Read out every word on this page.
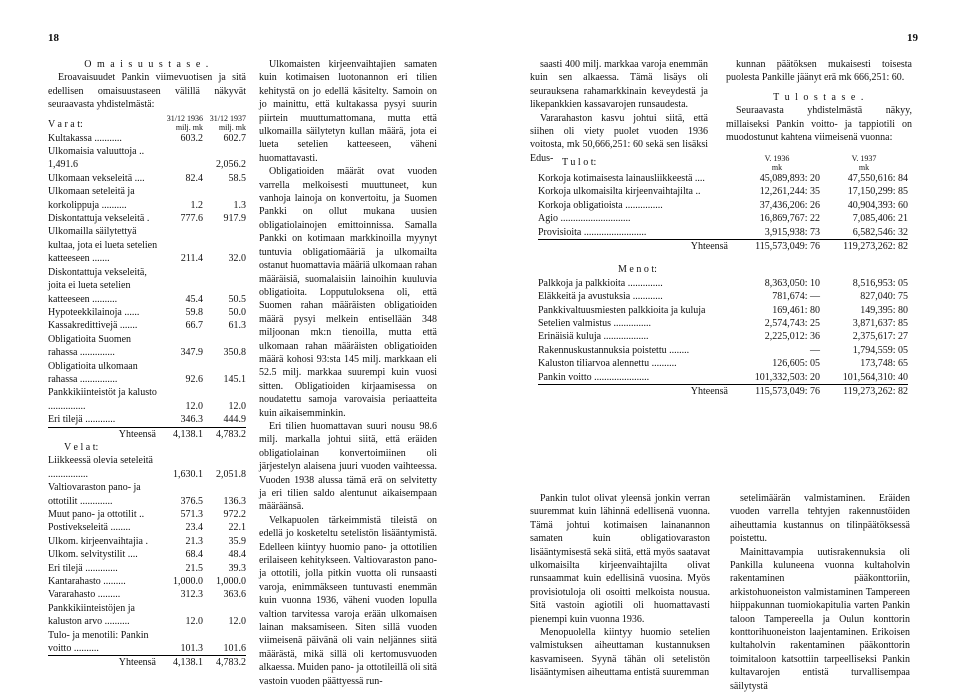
18
O m a i s u u s t a s e .

Eroavaisuudet Pankin viimevuotisen ja sitä edellisen omaisuustaseen välillä näkyvät seuraavasta yhdistelmästä:

V a r a t:	31/12 1936
milj. mk	31/12 1937
milj. mk

Kultakassa ...........	603.2	602.7
Ulkomaisia valuuttoja .. 1,491.6		2,056.2
Ulkomaan vekseleitä ....	82.4	58.5
Ulkomaan seteleitä ja korkolippuja ..........	1.2	1.3
Diskontattuja vekseleitä .	777.6	917.9
Ulkomailla säilytettyä kultaa, jota ei lueta setelien katteeseen .......	211.4	32.0
Diskontattuja vekseleitä, joita ei lueta setelien katteeseen ..........	45.4	50.5
Hypoteekkilainoja ......	59.8	50.0
Kassakredittivejä .......	66.7	61.3
Obligatioita Suomen rahassa ..............	347.9	350.8
Obligatioita ulkomaan rahassa ...............	92.6	145.1
Pankkikiinteistöt ja kalusto ...............	12.0	12.0
Eri tilejä ............	346.3	444.9
Yhteensä	4,138.1	4,783.2
V e l a t:		
Liikkeessä olevia seteleitä ................	1,630.1	2,051.8
Valtiovaraston pano- ja ottotilit .............	376.5	136.3
Muut pano- ja ottotilit ..	571.3	972.2
Postivekseleitä ........	23.4	22.1
Ulkom. kirjeenvaihtajia .	21.3	35.9
Ulkom. selvitystilit ....	68.4	48.4
Eri tilejä .............	21.5	39.3
Kantarahasto .........	1,000.0	1,000.0
Vararahasto .........	312.3	363.6
Pankkikiinteistöjen ja kaluston arvo ..........	12.0	12.0
Tulo- ja menotili: Pankin voitto ..........	101.3	101.6
Yhteensä	4,138.1	4,783.2

Ulkomaisten kirjeenvaihtajien samaten kuin kotimaisen luotonannon eri tilien kehitystä on jo edellä käsitelty. Samoin on jo mainittu, että kultakassa pysyi suurin piirtein muuttumattomana, mutta että ulkomailla säilytetyn kullan määrä, jota ei lueta setelien katteeseen, väheni huomattavasti.

Obligatioiden määrät ovat vuoden varrella melkoisesti muuttuneet, kun vanhoja lainoja on konvertoitu, ja Suomen Pankki on ollut mukana uusien obligatiolainojen emittoinnissa. Samalla Pankki on kotimaan markkinoilla myynyt tuntuvia obligatiomääriä ja ulkomailta ostanut huomattavia määriä ulkomaan rahan määräisiä, suomalaisiin lainoihin kuuluvia obligatioita. Lopputuloksena oli, että Suomen rahan määräisten obligatioiden määrä pysyi melkein entisellään 348 miljoonan mk:n tienoilla, mutta että ulkomaan rahan määräisten obligatioiden määrä kohosi 93:sta 145 milj. markkaan eli 52.5 milj. markkaa suurempi kuin vuosi sitten. Obligatioiden kirjaamisessa on noudatettu samoja varovaisia periaatteita kuin aikaisemminkin.

Eri tilien huomattavan suuri nousu 98.6 milj. markalla johtui siitä, että eräiden obligatiolainan konvertoimiinen oli järjestelyn alaisena juuri vuoden vaihteessa. Vuoden 1938 alussa tämä erä on selvitetty ja eri tilien saldo alentunut aikaisempaan määräänsä.

Velkapuolen tärkeimmistä tileistä on edellä jo kosketeltu setelistön lisääntymistä. Edelleen kiintyy huomio pano- ja ottotilien erilaiseen kehitykseen. Valtiovaraston pano- ja ottotili, jolla pitkin vuotta oli runsaasti varoja, enimmäkseen tuntuvasti enemmän kuin vuonna 1936, väheni vuoden lopulla valtion tarvitessa varoja erään ulkomaisen lainan maksamiseen. Siten sillä vuoden viimeisenä päivänä oli vain neljännes siitä määrästä, mikä sillä oli kertomusvuoden alkaessa. Muiden pano- ja ottotileillä oli sitä vastoin vuoden päättyessä run-

19

saasti 400 milj. markkaa varoja enemmän kuin sen alkaessa. Tämä lisäys oli seurauksena rahamarkkinain keveydestä ja likepankkien kassavarojen runsaudesta.

Vararahaston kasvu johtui siitä, että siihen oli viety puolet vuoden 1936 voitosta, mk 50,666,251: 60 sekä sen lisäksi Edus-

kunnan päätöksen mukaisesti toisesta puolesta Pankille jäänyt erä mk 666,251: 60.

T u l o s t a s e .

Seuraavasta yhdistelmästä näkyy, millaiseksi Pankin voitto- ja tappiotili on muodostunut kahtena viimeisenä vuonna:

T u l o t:	V. 1936	V. 1937
	mk	mk
Korkoja kotimaisesta lainausliikkeestä ....	45,089,893: 20	47,550,616: 84
Korkoja ulkomaisilta kirjeenvaihtajilta ..	12,261,244: 35	17,150,299: 85
Korkoja obligatioista ...............	37,436,206: 26	40,904,393: 60
Agio ............................	16,869,767: 22	7,085,406: 21
Provisioita .........................	3,915,938: 73	6,582,546: 32
Yhteensä	115,573,049: 76	119,273,262: 82
M e n o t:		
Palkkoja ja palkkioita ..............	8,363,050: 10	8,516,953: 05
Eläkkeitä ja avustuksia ............	781,674: —	827,040: 75
Pankkivaltuusmiesten palkkioita ja kuluja	169,461: 80	149,395: 80
Setelien valmistus ...............	2,574,743: 25	3,871,637: 85
Erinäisiä kuluja ..................	2,225,012: 36	2,375,617: 27
Rakennuskustannuksia poistettu ........	—	1,794,559: 05
Kaluston tiliarvoa alennettu ..........	126,605: 05	173,748: 65
Pankin voitto ......................	101,332,503: 20	101,564,310: 40
Yhteensä	115,573,049: 76	119,273,262: 82

Pankin tulot olivat yleensä jonkin verran suuremmat kuin lähinnä edellisenä vuonna. Tämä johtui kotimaisen lainanannon samaten kuin obligatiovaraston lisääntymisestä sekä siitä, että myös saatavat ulkomaisilta kirjeenvaihtajilta olivat runsaammat kuin edellisinä vuosina. Myös provisiotuloja oli osoitti melkoista nousua. Sitä vastoin agiotili oli huomattavasti pienempi kuin vuonna 1936.

Menopuolella kiintyy huomio setelien valmistuksen aiheuttaman kustannuksen kasvamiseen. Syynä tähän oli setelistön lisääntymisen aiheuttama entistä suuremman

setelimäärän valmistaminen. Eräiden vuoden varrella tehtyjen rakennustöiden aiheuttamia kustannus on tilinpäätöksessä poistettu.

Mainittavampia uutisrakennuksia oli Pankilla kuluneena vuonna kultaholvin rakentaminen pääkonttoriin, arkistohuoneiston valmistaminen Tampereen hiippakunnan tuomiokapitulia varten Pankin taloon Tampereella ja Oulun konttorin konttorihuoneiston laajentaminen. Erikoisen kultaholvin rakentaminen pääkonttorin toimitaloon katsottiin tarpeelliseksi Pankin kultavarojen entistä turvallisempaa säilytystä
